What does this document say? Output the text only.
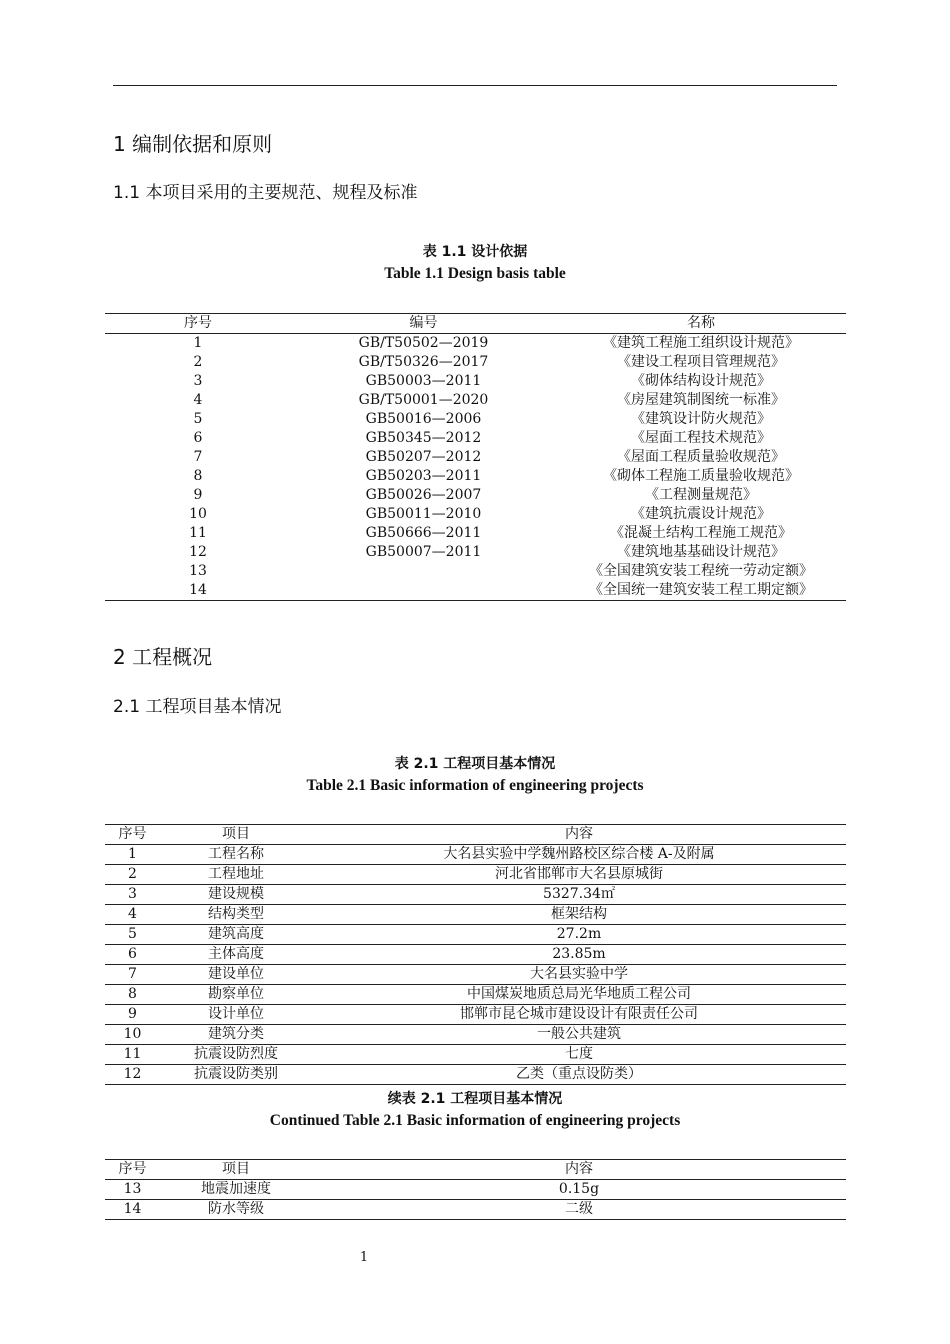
1 编制依据和原则
1.1 本项目采用的主要规范、规程及标准
表 1.1 设计依据
Table 1.1 Design basis table
序号	编号	名称
1	GB/T50502—2019	《建筑工程施工组织设计规范》
2	GB/T50326—2017	《建设工程项目管理规范》
3	GB50003—2011	《砌体结构设计规范》
4	GB/T50001—2020	《房屋建筑制图统一标准》
5	GB50016—2006	《建筑设计防火规范》
6	GB50345—2012	《屋面工程技术规范》
7	GB50207—2012	《屋面工程质量验收规范》
8	GB50203—2011	《砌体工程施工质量验收规范》
9	GB50026—2007	《工程测量规范》
10	GB50011—2010	《建筑抗震设计规范》
11	GB50666—2011	《混凝土结构工程施工规范》
12	GB50007—2011	《建筑地基基础设计规范》
13		《全国建筑安装工程统一劳动定额》
14		《全国统一建筑安装工程工期定额》
2 工程概况
2.1 工程项目基本情况
表 2.1 工程项目基本情况
Table 2.1 Basic information of engineering projects
序号	项目	内容
1	工程名称	大名县实验中学魏州路校区综合楼 A-及附属
2	工程地址	河北省邯郸市大名县原城街
3	建设规模	5327.34㎡
4	结构类型	框架结构
5	建筑高度	27.2m
6	主体高度	23.85m
7	建设单位	大名县实验中学
8	勘察单位	中国煤炭地质总局光华地质工程公司
9	设计单位	邯郸市昆仑城市建设设计有限责任公司
10	建筑分类	一般公共建筑
11	抗震设防烈度	七度
12	抗震设防类别	乙类（重点设防类）
续表 2.1 工程项目基本情况
Continued Table 2.1 Basic information of engineering projects
序号	项目	内容
13	地震加速度	0.15g
14	防水等级	二级
1
